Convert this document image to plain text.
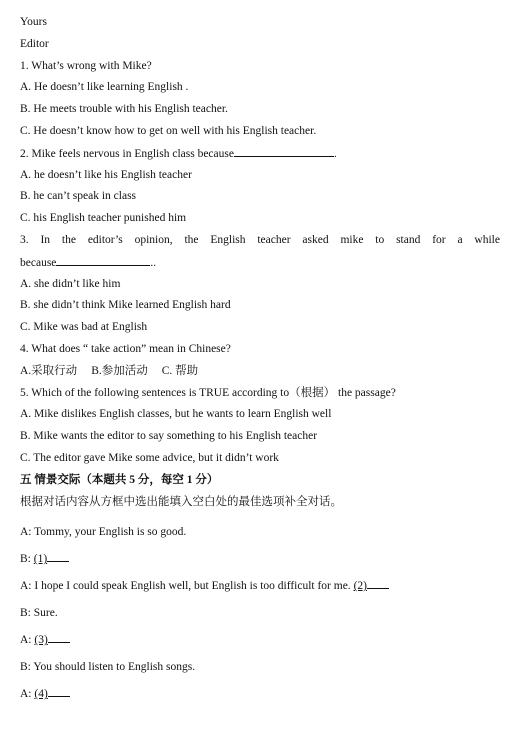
Yours
Editor
1. What’s wrong with Mike?
A. He doesn’t like learning English .
B. He meets trouble with his English teacher.
C. He doesn’t know how to get on well with his English teacher.
2. Mike feels nervous in English class because	.
A. he doesn’t like his English teacher
B. he can’t speak in class
C. his English teacher punished him
3. In the editor’s opinion, the English teacher asked mike to stand for a while
because	..
A. she didn’t like him
B. she didn’t think Mike learned English hard
C. Mike was bad at English
4. What does “ take action” mean in Chinese?
A.采取行动 B.参加活动 C. 帮助
5. Which of the following sentences is TRUE according to（根据） the passage?
A. Mike dislikes English classes, but he wants to learn English well
B. Mike wants the editor to say something to his English teacher
C. The editor gave Mike some advice, but it didn’t work
五 情景交际（本题共 5 分，每空 1 分）
根据对话内容从方框中选出能填入空白处的最佳选项补全对话。
A: Tommy, your English is so good.
B: (1)
A: I hope I could speak English well, but English is too difficult for me. (2)
B: Sure.
A: (3)
B: You should listen to English songs.
A: (4)
